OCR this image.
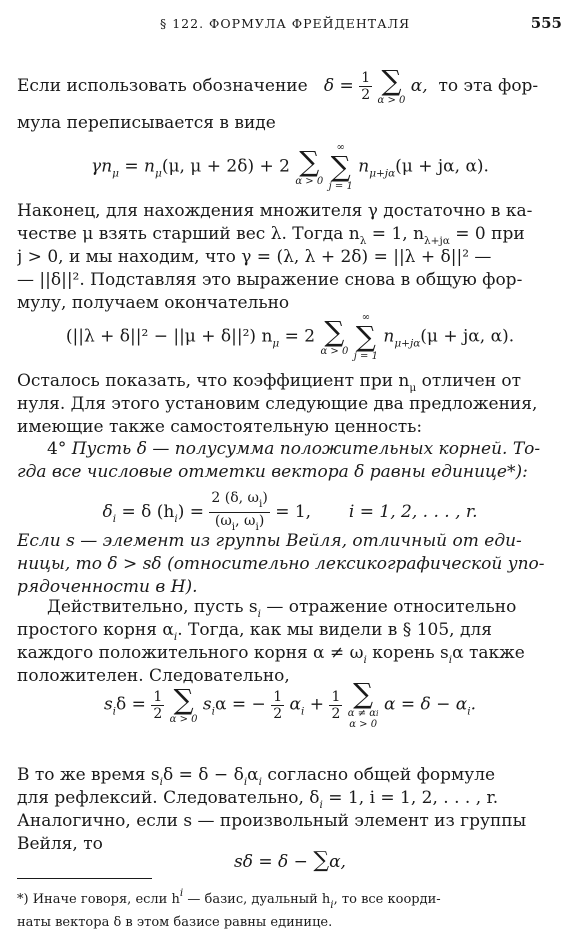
§ 122. ФОРМУЛА ФРЕЙДЕНТАЛЯ	555
Если использовать обозначение $\delta = \frac{1}{2}$
∑
α > 0
α, то эта фор-
мула переписывается в виде
$\gamma n_\mu = n_\mu(\mu$, μ + 2δ) + 2 ∑
α > 0

∞
∑
j = 1
$n_{\mu+j\alpha}(\mu + j\alpha$, α).
Наконец, для нахождения множителя γ достаточно в ка-
честве μ взять старший вес λ. Тогда $n_\lambda = 1$, $n_{\lambda+j\alpha} = 0$ при
j > 0, и мы находим, что γ = (λ, λ + 2δ) = ||λ + δ||² —
— ||δ||². Подставляя это выражение снова в общую фор-
мулу, получаем окончательно
(||λ + δ||² − ||μ + δ||²) $n_\mu = 2$ ∑
α > 0

∞
∑
j = 1
$n_{\mu+j\alpha}(\mu + j\alpha$, α).
Осталось показать, что коэффициент при $n_\mu$ отличен от
нуля. Для этого установим следующие два предложения,
имеющие также самостоятельную ценность:
4° Пусть δ — полусумма положительных корней. То-
гда все числовые отметки вектора δ равны единице*):
$\delta_i = \delta$ $(h_i) = \frac{2 (\delta, \omega_i)}{(\omega_i, \omega_i)} = 1$, i = 1, 2, . . . , r.
Если s — элемент из группы Вейля, отличный от еди-
ницы, то δ > sδ (относительно лексикографической упо-
рядоченности в H).
Действительно, пусть $s_i$ — отражение относительно
простого корня $\alpha_i$. Тогда, как мы видели в § 105, для
каждого положительного корня $\alpha \ne \omega_i$ корень $s_i\alpha$ также
положителен. Следовательно,
$s_i\delta = \frac{1}{2}$
∑
α > 0
$s_i\alpha$ = − $\frac{1}{2} \alpha_i + \frac{1}{2}$
∑
α ≠ αi
α > 0
$\alpha = \delta - \alpha_i$.
В то же время $s_i\delta = \delta - \delta_i\alpha_i$ согласно общей формуле
для рефлексий. Следовательно, $\delta_i = 1$, i = 1, 2, . . . , r.
Аналогично, если s — произвольный элемент из группы
Вейля, то
sδ = δ − ∑α,
*) Иначе говоря, если $h^i$ — базис, дуальный $h_i$, то все коорди-
наты вектора δ в этом базисе равны единице.
